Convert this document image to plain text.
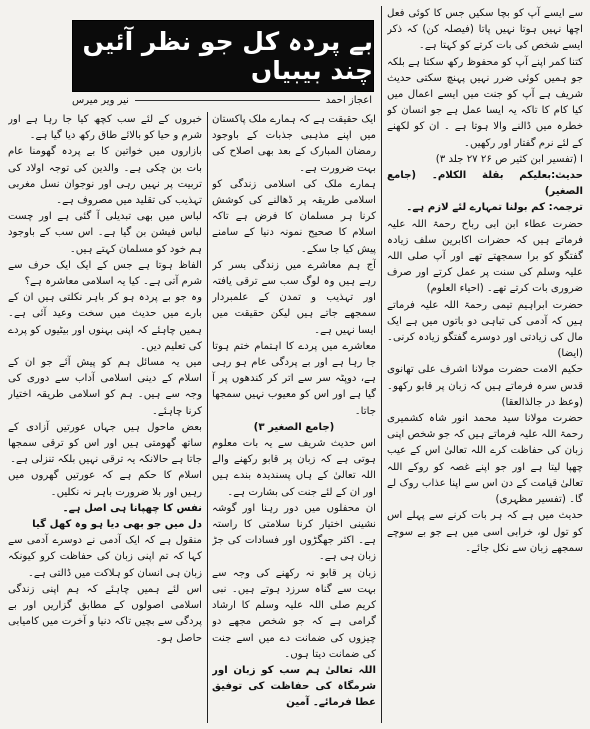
بے پردہ کل جو نظر آئیں چند بیبیاں
اعجاز احمد
نیر ویر میرس

سے ایسے آپ کو بچا سکیں جس کا کوئی فعل اچھا نہیں ہوتا نہیں پاتا (فیصلہ کن) کہ ذکر ایسے شخص کی بات کرتے کو کہتا ہے۔

کتنا کمر اپنے آپ کو محفوظ رکھ سکتا ہے بلکہ جو ہمیں کوئی ضرر نہیں پہنچ سکتی حدیث شریف ہے آپ کو جنت میں ایسے اعمال میں کیا کام کا تاکہ یہ ایسا عمل ہے جو انسان کو خطرہ میں ڈالنے والا ہوتا ہے ۔ ان کو لکھنے کے لئے نرم گفتار اور رکھیں۔

ا (تفسیر ابن کثیر ص ۲۶ ۲۷ جلد ۳)

حدیث:بعلیکم بقلة الکلام۔ (جامع الصغیر)

ترجمہ: کم بولنا تمہارے لئے لازم ہے۔

حضرت عطاء ابن ابی رباح رحمۃ اللہ علیہ فرماتے ہیں کہ حضرات اکابرین سلف زیادہ گفتگو کو برا سمجھتے تھے اور آپ صلی اللہ علیہ وسلم کی سنت پر عمل کرتے اور صرف ضروری بات کرتے تھے۔ (احیاء العلوم)

حضرت ابراہیم تیمی رحمۃ اللہ علیہ فرماتے ہیں کہ آدمی کی تباہی دو باتوں میں ہے ایک مال کی زیادتی اور دوسرے گفتگو زیادہ کرنی۔ (ایضا)

حکیم الامت حضرت مولانا اشرف علی تھانوی قدس سرہ فرماتے ہیں کہ زبان پر قابو رکھو۔ (وعظ در جالذالعقا)

حضرت مولانا سید محمد انور شاہ کشمیری رحمۃ اللہ علیہ فرماتے ہیں کہ جو شخص اپنی زبان کی حفاظت کرے اللہ تعالیٰ اس کے عیب چھپا لیتا ہے اور جو اپنے غصہ کو روکے اللہ تعالیٰ قیامت کے دن اس سے اپنا عذاب روک لے گا۔ (تفسیر مظہری)

حدیث میں ہے کہ ہر بات کرنے سے پہلے اس کو تول لو، خرابی اسی میں ہے جو بے سوچے سمجھے زبان سے نکل جائے۔

ایک حقیقت ہے کہ ہمارے ملک پاکستان میں اپنے مذہبی جذبات کے باوجود رمضان المبارک کے بعد بھی اصلاح کی بہت ضرورت ہے۔

ہمارے ملک کی اسلامی زندگی کو اسلامی طریقہ پر ڈھالنے کی کوشش کرنا ہر مسلمان کا فرض ہے تاکہ اسلام کا صحیح نمونہ دنیا کے سامنے پیش کیا جا سکے۔

آج ہم معاشرے میں زندگی بسر کر رہے ہیں وہ لوگ سب سے ترقی یافتہ اور تہذیب و تمدن کے علمبردار سمجھے جاتے ہیں لیکن حقیقت میں ایسا نہیں ہے۔

معاشرے میں پردے کا اہتمام ختم ہوتا جا رہا ہے اور بے پردگی عام ہو رہی ہے، دوپٹہ سر سے اتر کر کندھوں پر آ گیا ہے اور اس کو معیوب نہیں سمجھا جاتا۔

(جامع الصغیر ۳)

اس حدیث شریف سے یہ بات معلوم ہوتی ہے کہ زبان پر قابو رکھنے والے اللہ تعالیٰ کے ہاں پسندیدہ بندے ہیں اور ان کے لئے جنت کی بشارت ہے۔

ان محفلوں میں دور رہنا اور گوشہ نشینی اختیار کرنا سلامتی کا راستہ ہے۔ اکثر جھگڑوں اور فسادات کی جڑ زبان ہی ہے۔

زبان پر قابو نہ رکھنے کی وجہ سے بہت سے گناہ سرزد ہوتے ہیں۔ نبی کریم صلی اللہ علیہ وسلم کا ارشاد گرامی ہے کہ جو شخص مجھے دو چیزوں کی ضمانت دے میں اسے جنت کی ضمانت دیتا ہوں۔

اللہ تعالیٰ ہم سب کو زبان اور شرمگاہ کی حفاظت کی توفیق عطا فرمائے۔ آمین

خبروں کے لئے سب کچھ کیا جا رہا ہے اور شرم و حیا کو بالائے طاق رکھ دیا گیا ہے۔

بازاروں میں خواتین کا بے پردہ گھومنا عام بات بن چکی ہے۔ والدین کی توجہ اولاد کی تربیت پر نہیں رہی اور نوجوان نسل مغربی تہذیب کی تقلید میں مصروف ہے۔

لباس میں بھی تبدیلی آ گئی ہے اور چست لباس فیشن بن گیا ہے۔ اس سب کے باوجود ہم خود کو مسلمان کہتے ہیں۔

الفاظ ہوتا ہے جس کے ایک ایک حرف سے شرم آتی ہے۔ کیا یہ اسلامی معاشرہ ہے؟

وہ جو بے پردہ ہو کر باہر نکلتی ہیں ان کے بارے میں حدیث میں سخت وعید آئی ہے۔ ہمیں چاہئے کہ اپنی بہنوں اور بیٹیوں کو پردے کی تعلیم دیں۔

میں یہ مسائل ہم کو پیش آئے جو ان کے اسلام کے دینی اسلامی آداب سے دوری کی وجہ سے ہیں۔ ہم کو اسلامی طریقہ اختیار کرنا چاہئے۔

بعض ماحول ہیں جہاں عورتیں آزادی کے ساتھ گھومتی ہیں اور اس کو ترقی سمجھا جاتا ہے حالانکہ یہ ترقی نہیں بلکہ تنزلی ہے۔

اسلام کا حکم ہے کہ عورتیں گھروں میں رہیں اور بلا ضرورت باہر نہ نکلیں۔

نفس کا چھپانا ہی اصل ہے۔

دل میں جو بھی دیا ہو وہ کھل گیا

منقول ہے کہ ایک آدمی نے دوسرے آدمی سے کہا کہ تم اپنی زبان کی حفاظت کرو کیونکہ زبان ہی انسان کو ہلاکت میں ڈالتی ہے۔

اس لئے ہمیں چاہئے کہ ہم اپنی زندگی اسلامی اصولوں کے مطابق گزاریں اور بے پردگی سے بچیں تاکہ دنیا و آخرت میں کامیابی حاصل ہو۔
